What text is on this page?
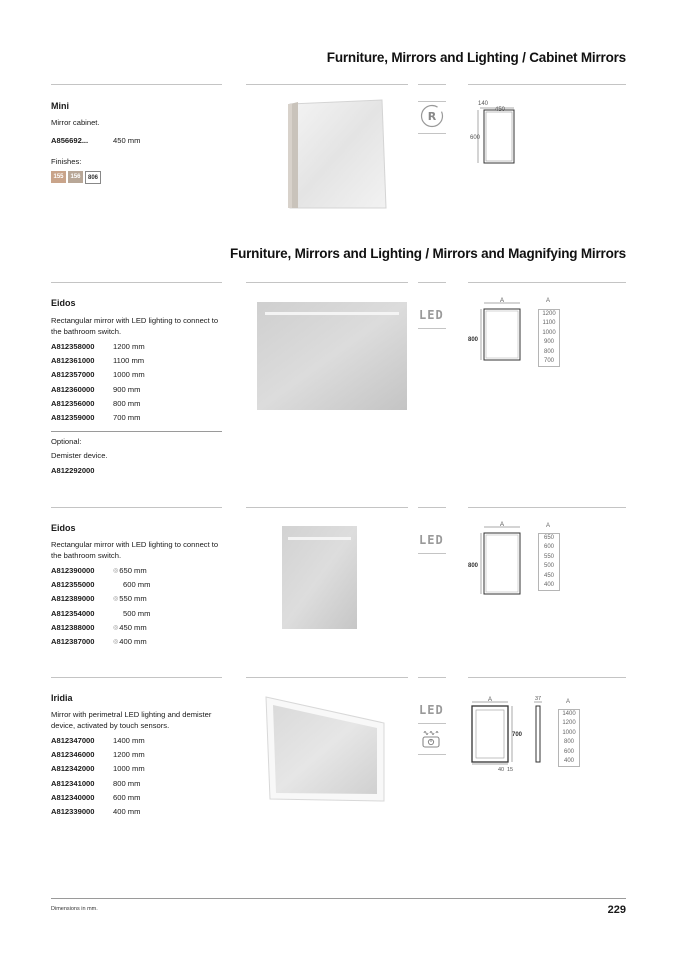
Furniture, Mirrors and Lighting / Cabinet Mirrors
Mini
Mirror cabinet.
A856692...	450 mm
Finishes:
155	156	806
R
140
450
600
Furniture, Mirrors and Lighting / Mirrors and Magnifying Mirrors
Eidos
Rectangular mirror with LED lighting to connect to the bathroom switch.
A812358000	1200 mm
A812361000	1100 mm
A812357000	1000 mm
A812360000	900 mm
A812356000	800 mm
A812359000	700 mm
Optional:
Demister device.
A812292000
LED
A
800
A
1200
1100
1000
900
800
700
Eidos
Rectangular mirror with LED lighting to connect to the bathroom switch.
A812390000	◎ 650 mm
A812355000	600 mm
A812389000	◎ 550 mm
A812354000	500 mm
A812388000	◎ 450 mm
A812387000	◎ 400 mm
LED
A
800
A
650
600
550
500
450
400
Iridia
Mirror with perimetral LED lighting and demister device, activated by touch sensors.
A812347000	1400 mm
A812346000	1200 mm
A812342000	1000 mm
A812341000	800 mm
A812340000	600 mm
A812339000	400 mm
LED
A
700
40 15
37	A
1400
1200
1000
800
600
400
Dimensions in mm.	229
